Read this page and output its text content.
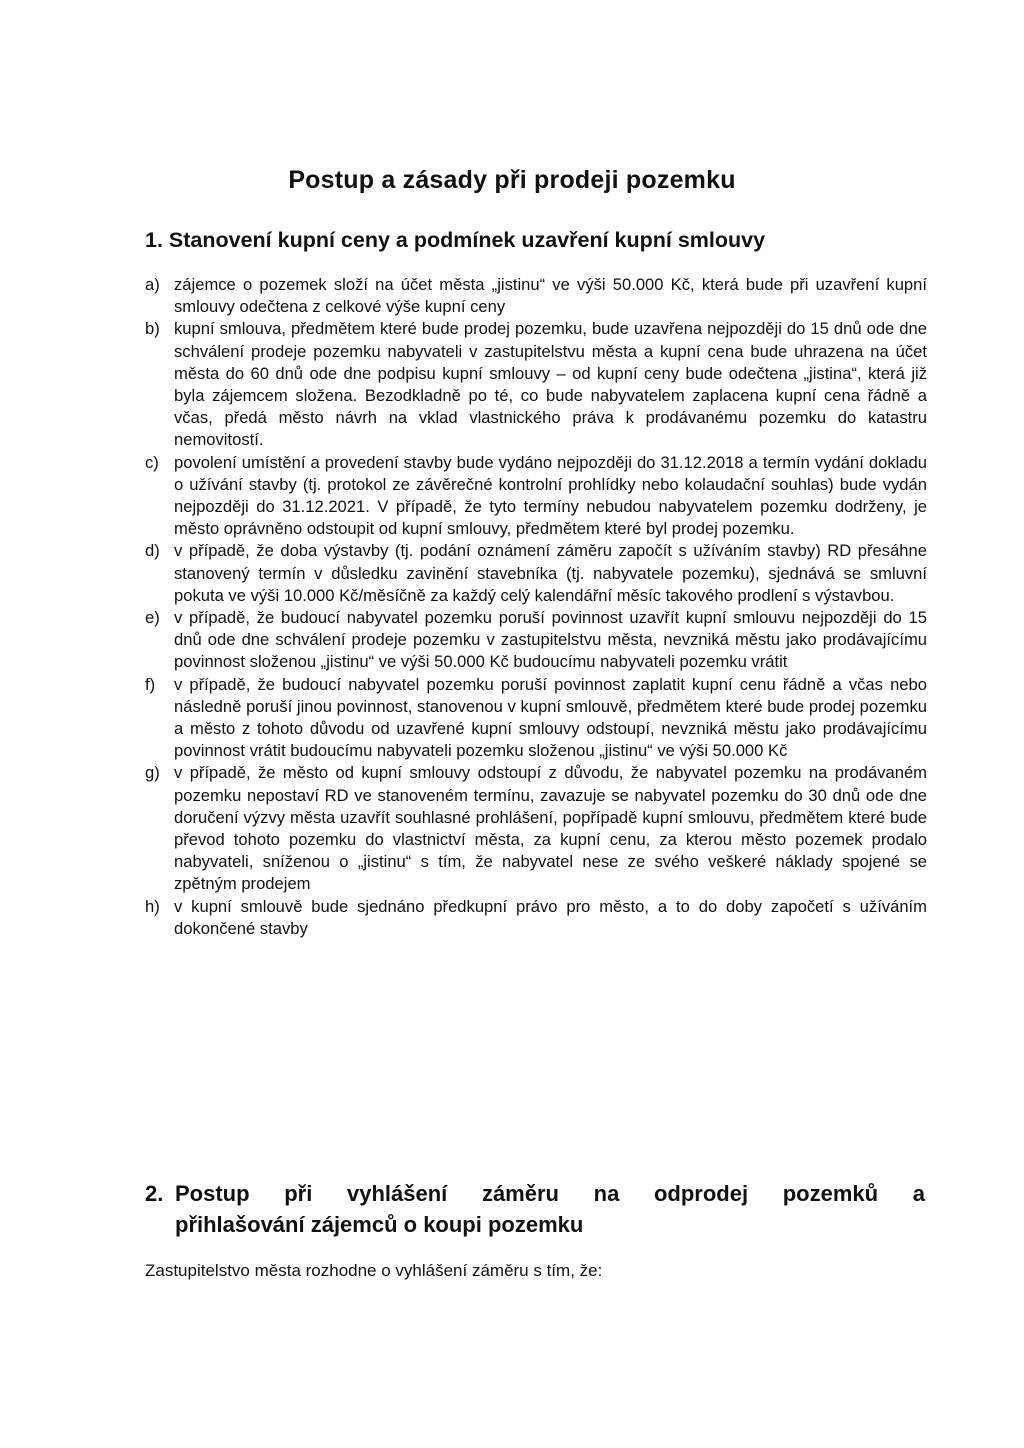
Postup a zásady při prodeji pozemku
1. Stanovení kupní ceny a podmínek uzavření kupní smlouvy
a) zájemce o pozemek složí na účet města „jistinu“ ve výši 50.000 Kč, která bude při uzavření kupní smlouvy odečtena z celkové výše kupní ceny
b) kupní smlouva, předmětem které bude prodej pozemku, bude uzavřena nejpozději do 15 dnů ode dne schválení prodeje pozemku nabyvateli v zastupitelstvu města a kupní cena bude uhrazena na účet města do 60 dnů ode dne podpisu kupní smlouvy – od kupní ceny bude odečtena „jistina“, která již byla zájemcem složena. Bezodkladně po té, co bude nabyvatelem zaplacena kupní cena řádně a včas, předá město návrh na vklad vlastnického práva k prodávanému pozemku do katastru nemovitostí.
c) povolení umístění a provedení stavby bude vydáno nejpozději do 31.12.2018 a termín vydání dokladu o užívání stavby (tj. protokol ze závěrečné kontrolní prohlídky nebo kolaudační souhlas) bude vydán nejpozději do 31.12.2021. V případě, že tyto termíny nebudou nabyvatelem pozemku dodrženy, je město oprávněno odstoupit od kupní smlouvy, předmětem které byl prodej pozemku.
d) v případě, že doba výstavby (tj. podání oznámení záměru započít s užíváním stavby) RD přesáhne stanovený termín v důsledku zavinění stavebníka (tj. nabyvatele pozemku), sjednává se smluvní pokuta ve výši 10.000 Kč/měsíčně za každý celý kalendářní měsíc takového prodlení s výstavbou.
e) v případě, že budoucí nabyvatel pozemku poruší povinnost uzavřít kupní smlouvu nejpozději do 15 dnů ode dne schválení prodeje pozemku v zastupitelstvu města, nevzniká městu jako prodávajícímu povinnost složenou „jistinu“ ve výši 50.000 Kč budoucímu nabyvateli pozemku vrátit
f)	v případě, že budoucí nabyvatel pozemku poruší povinnost zaplatit kupní cenu řádně a včas nebo následně poruší jinou povinnost, stanovenou v kupní smlouvě, předmětem které bude prodej pozemku a město z tohoto důvodu od uzavřené kupní smlouvy odstoupí, nevzniká městu jako prodávajícímu povinnost vrátit budoucímu nabyvateli pozemku složenou „jistinu“ ve výši 50.000 Kč
g) v případě, že město od kupní smlouvy odstoupí z důvodu, že nabyvatel pozemku na prodávaném pozemku nepostaví RD ve stanoveném termínu, zavazuje se nabyvatel pozemku do 30 dnů ode dne doručení výzvy města uzavřít souhlasné prohlášení, popřípadě kupní smlouvu, předmětem které bude převod tohoto pozemku do vlastnictví města, za kupní cenu, za kterou město pozemek prodalo nabyvateli, sníženou o „jistinu“ s tím, že nabyvatel nese ze svého veškeré náklady spojené se zpětným prodejem
h) v kupní smlouvě bude sjednáno předkupní právo pro město, a to do doby započetí s užíváním dokončené stavby
2. Postup při vyhlášení záměru na odprodej pozemků a
přihlašování zájemců o koupi pozemku
Zastupitelstvo města rozhodne o vyhlášení záměru s tím, že:
